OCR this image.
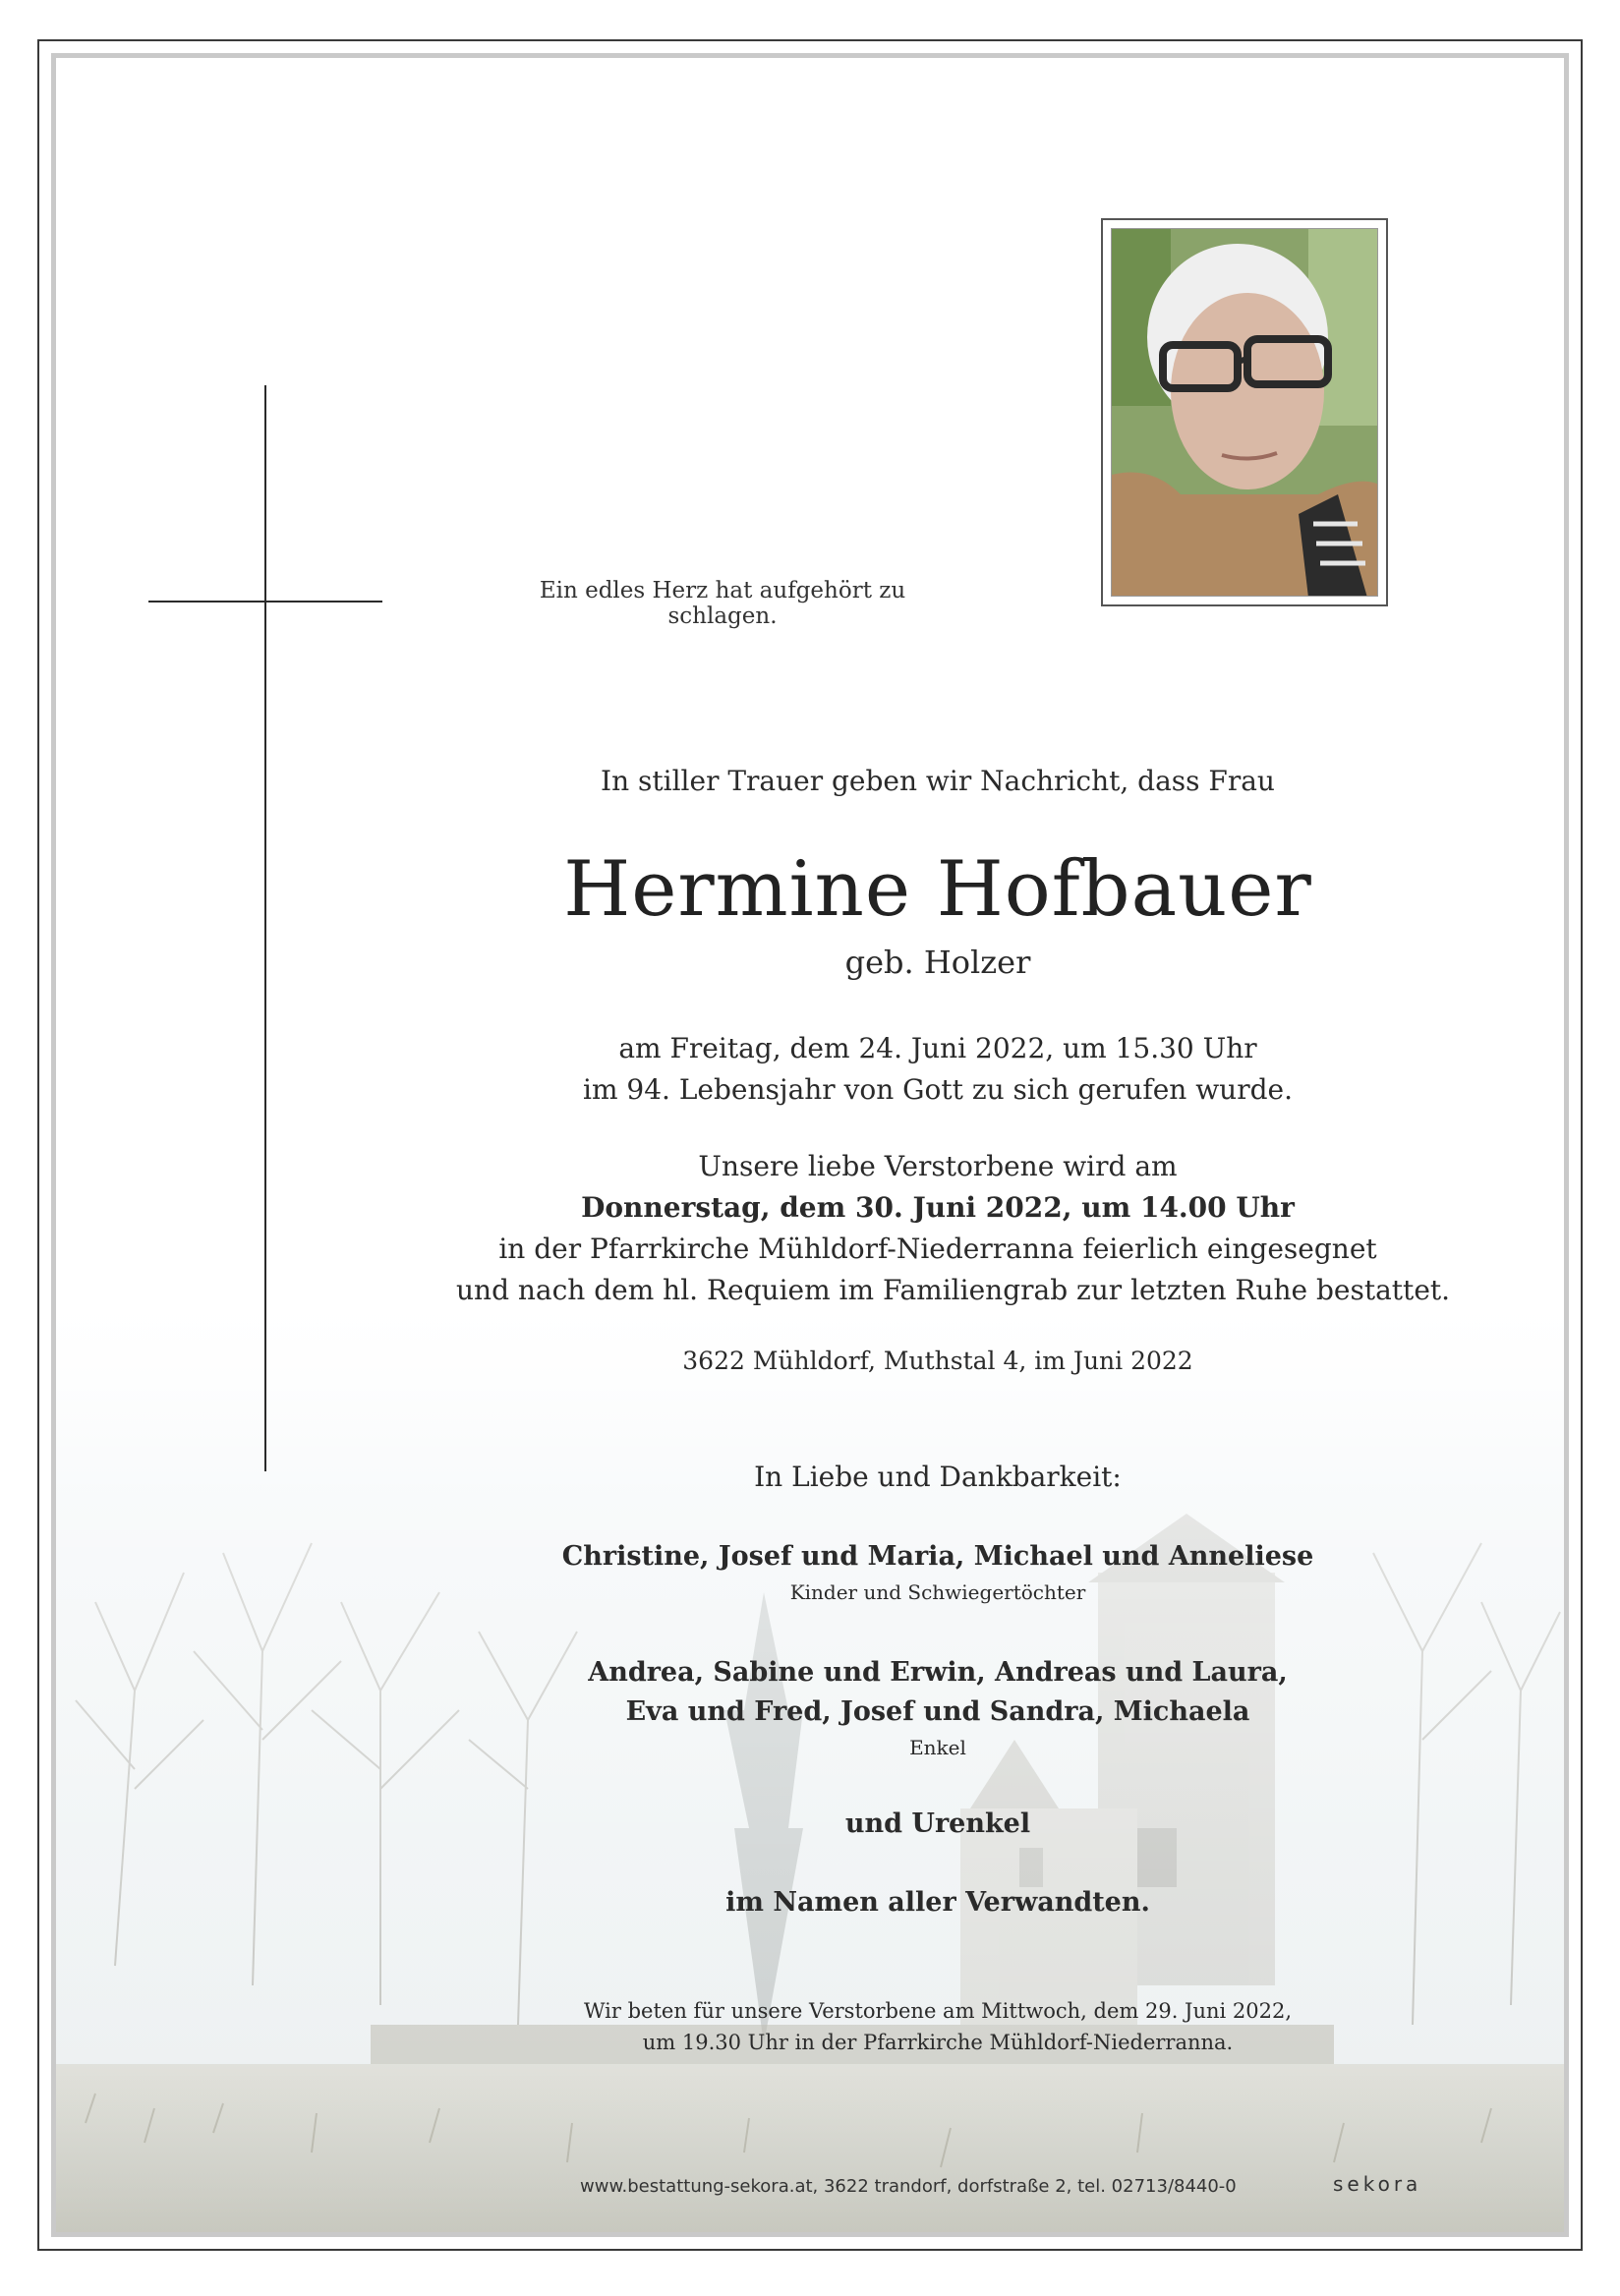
Ein edles Herz hat aufgehört zu schlagen.
In stiller Trauer geben wir Nachricht, dass Frau
Hermine Hofbauer
geb. Holzer
am Freitag, dem 24. Juni 2022, um 15.30 Uhr
im 94. Lebensjahr von Gott zu sich gerufen wurde.
Unsere liebe Verstorbene wird am
Donnerstag, dem 30. Juni 2022, um 14.00 Uhr
in der Pfarrkirche Mühldorf-Niederranna feierlich eingesegnet
und nach dem hl. Requiem im Familiengrab zur letzten Ruhe bestattet.
3622 Mühldorf, Muthstal 4, im Juni 2022
In Liebe und Dankbarkeit:
Christine, Josef und Maria, Michael und Anneliese
Kinder und Schwiegertöchter
Andrea, Sabine und Erwin, Andreas und Laura,
Eva und Fred, Josef und Sandra, Michaela
Enkel
und Urenkel
im Namen aller Verwandten.
Wir beten für unsere Verstorbene am Mittwoch, dem 29. Juni 2022,
um 19.30 Uhr in der Pfarrkirche Mühldorf-Niederranna.
www.bestattung-sekora.at, 3622 trandorf, dorfstraße 2, tel. 02713/8440-0	sekora
